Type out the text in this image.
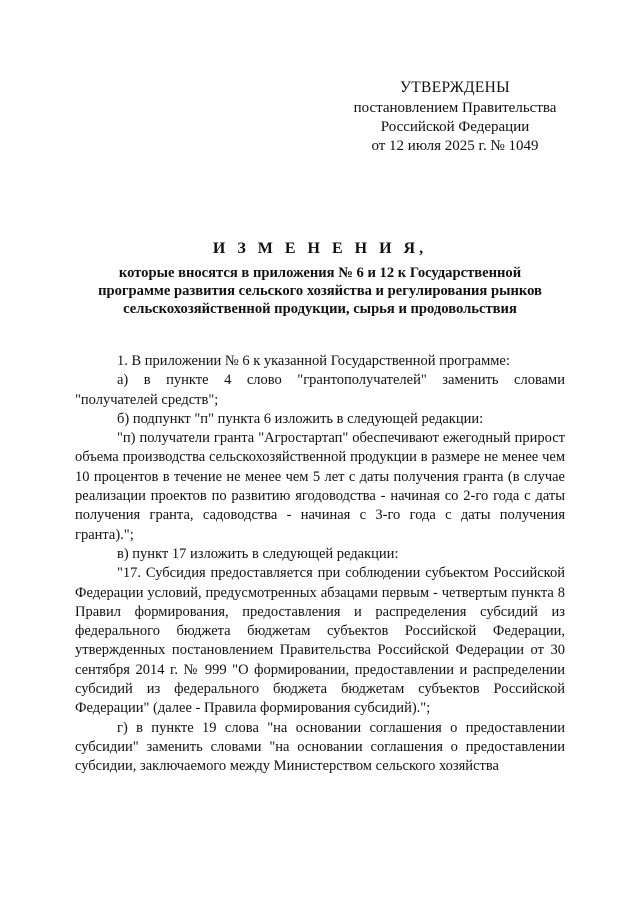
УТВЕРЖДЕНЫ
постановлением Правительства
Российской Федерации
от 12 июля 2025 г. № 1049
И З М Е Н Е Н И Я,
которые вносятся в приложения № 6 и 12 к Государственной программе развития сельского хозяйства и регулирования рынков сельскохозяйственной продукции, сырья и продовольствия

1. В приложении № 6 к указанной Государственной программе:

а) в пункте 4 слово "грантополучателей" заменить словами "получателей средств";

б) подпункт "п" пункта 6 изложить в следующей редакции:

"п) получатели гранта "Агростартап" обеспечивают ежегодный прирост объема производства сельскохозяйственной продукции в размере не менее чем 10 процентов в течение не менее чем 5 лет с даты получения гранта (в случае реализации проектов по развитию ягодоводства - начиная со 2-го года с даты получения гранта, садоводства - начиная с 3-го года с даты получения гранта).";

в) пункт 17 изложить в следующей редакции:

"17. Субсидия предоставляется при соблюдении субъектом Российской Федерации условий, предусмотренных абзацами первым - четвертым пункта 8 Правил формирования, предоставления и распределения субсидий из федерального бюджета бюджетам субъектов Российской Федерации, утвержденных постановлением Правительства Российской Федерации от 30 сентября 2014 г. № 999 "О формировании, предоставлении и распределении субсидий из федерального бюджета бюджетам субъектов Российской Федерации" (далее - Правила формирования субсидий).";

г) в пункте 19 слова "на основании соглашения о предоставлении субсидии" заменить словами "на основании соглашения о предоставлении субсидии, заключаемого между Министерством сельского хозяйства
